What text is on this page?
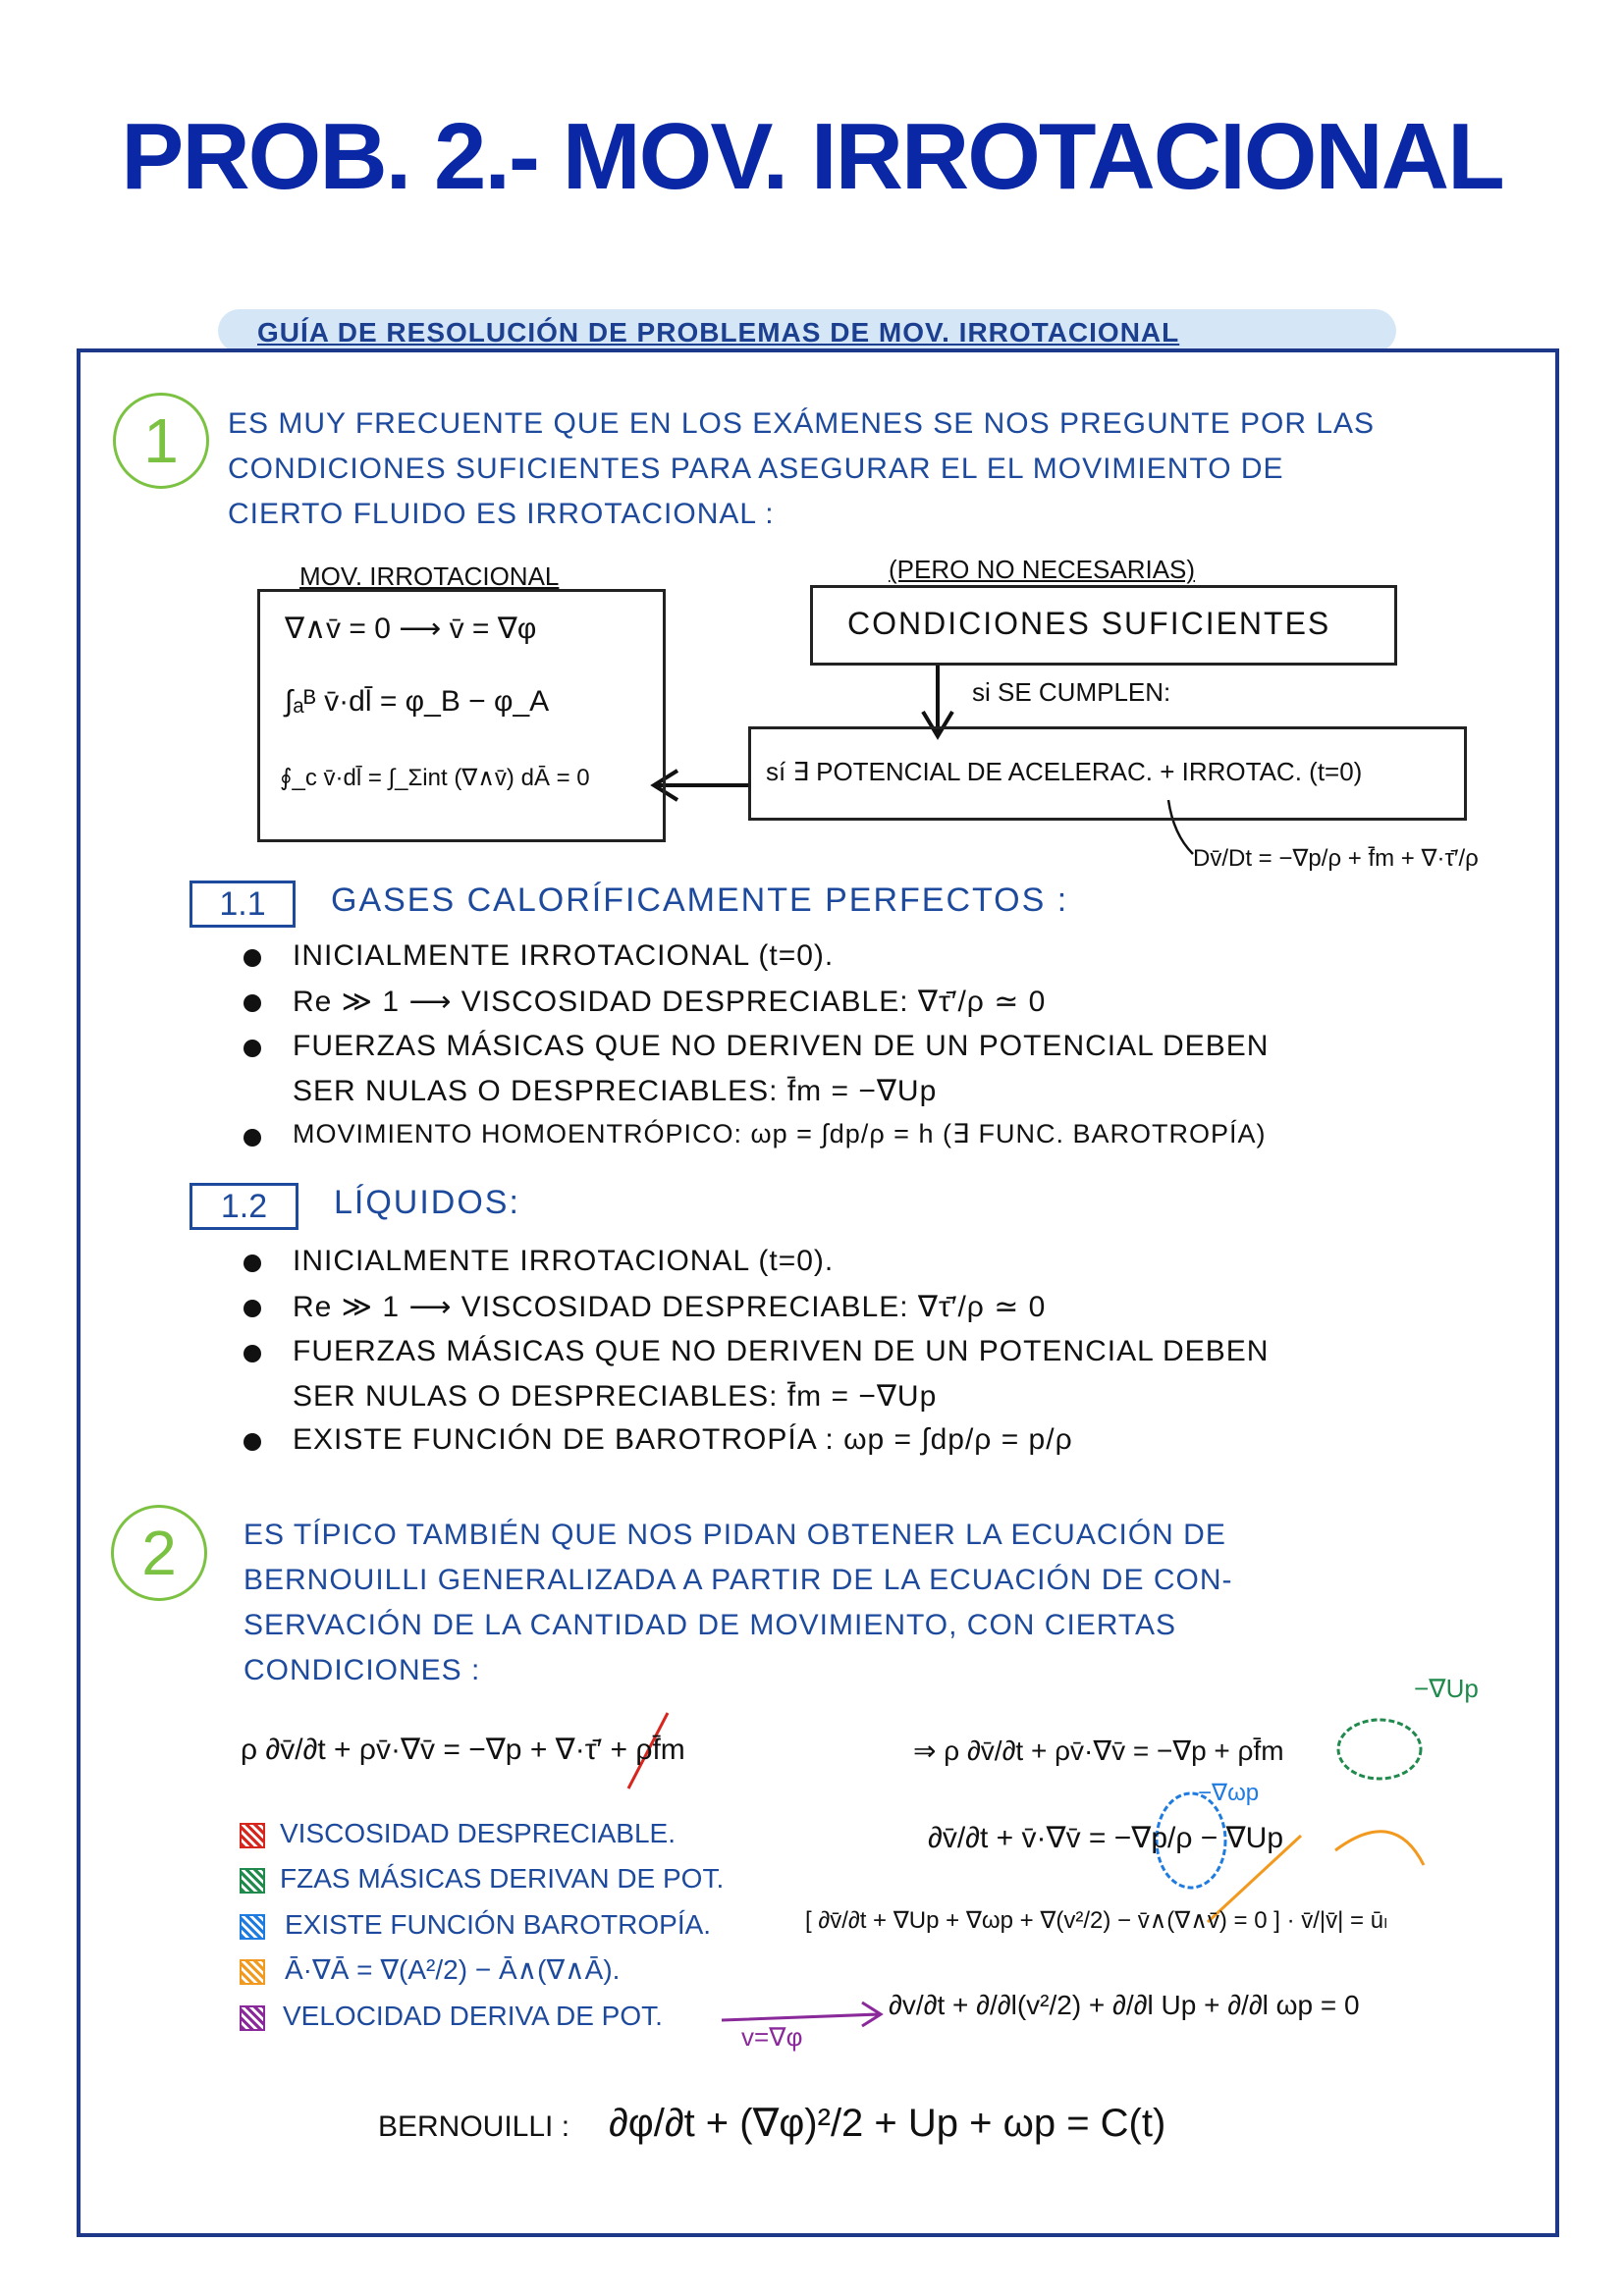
PROB. 2.- MOV. IRROTACIONAL
GUÍA DE RESOLUCIÓN DE PROBLEMAS DE MOV. IRROTACIONAL
1	ES MUY FRECUENTE QUE EN LOS EXÁMENES SE NOS PREGUNTE POR LAS
CONDICIONES SUFICIENTES PARA ASEGURAR EL EL MOVIMIENTO DE
CIERTO FLUIDO ES IRROTACIONAL :
MOV. IRROTACIONAL
∇∧v̄ = 0 ⟶ v̄ = ∇φ
∫ₐᴮ v̄·dl̄ = φ_B − φ_A
∮_c v̄·dl̄ = ∫_Σint (∇∧v̄) dĀ = 0
(PERO NO NECESARIAS)
CONDICIONES SUFICIENTES
si SE CUMPLEN:
sí ∃ POTENCIAL DE ACELERAC. + IRROTAC. (t=0)
Dv̄/Dt = −∇p/ρ + f̄m + ∇·τ̄′/ρ
1.1	GASES CALORÍFICAMENTE PERFECTOS :
INICIALMENTE IRROTACIONAL (t=0).
Re ≫ 1 ⟶ VISCOSIDAD DESPRECIABLE: ∇τ̄′/ρ ≃ 0
FUERZAS MÁSICAS QUE NO DERIVEN DE UN POTENCIAL DEBEN
SER NULAS O DESPRECIABLES: f̄m = −∇Up
MOVIMIENTO HOMOENTRÓPICO: ωp = ∫dp/ρ = h (∃ FUNC. BAROTROPÍA)
1.2	LÍQUIDOS:
INICIALMENTE IRROTACIONAL (t=0).
Re ≫ 1 ⟶ VISCOSIDAD DESPRECIABLE: ∇τ̄′/ρ ≃ 0
FUERZAS MÁSICAS QUE NO DERIVEN DE UN POTENCIAL DEBEN
SER NULAS O DESPRECIABLES: f̄m = −∇Up
EXISTE FUNCIÓN DE BAROTROPÍA : ωp = ∫dp/ρ = p/ρ
2	ES TÍPICO TAMBIÉN QUE NOS PIDAN OBTENER LA ECUACIÓN DE
BERNOUILLI GENERALIZADA A PARTIR DE LA ECUACIÓN DE CON-
SERVACIÓN DE LA CANTIDAD DE MOVIMIENTO, CON CIERTAS
CONDICIONES :
−∇Up
ρ ∂v̄/∂t + ρv̄·∇v̄ = −∇p + ∇·τ̄′ + ρf̄m	⇒ ρ ∂v̄/∂t + ρv̄·∇v̄ = −∇p + ρf̄m
−∇ωp
∂v̄/∂t + v̄·∇v̄ = −∇p/ρ − ∇Up
[ ∂v̄/∂t + ∇Up + ∇ωp + ∇(v²/2) − v̄∧(∇∧v̄) = 0 ] · v̄/|v̄| = ūₗ
∂v/∂t + ∂/∂l(v²/2) + ∂/∂l Up + ∂/∂l ωp = 0
v=∇φ
VISCOSIDAD DESPRECIABLE.
FZAS MÁSICAS DERIVAN DE POT.
EXISTE FUNCIÓN BAROTROPÍA.
Ā·∇Ā = ∇(A²/2) − Ā∧(∇∧Ā).
VELOCIDAD DERIVA DE POT.
BERNOUILLI : ∂φ/∂t + (∇φ)²/2 + Up + ωp = C(t)
